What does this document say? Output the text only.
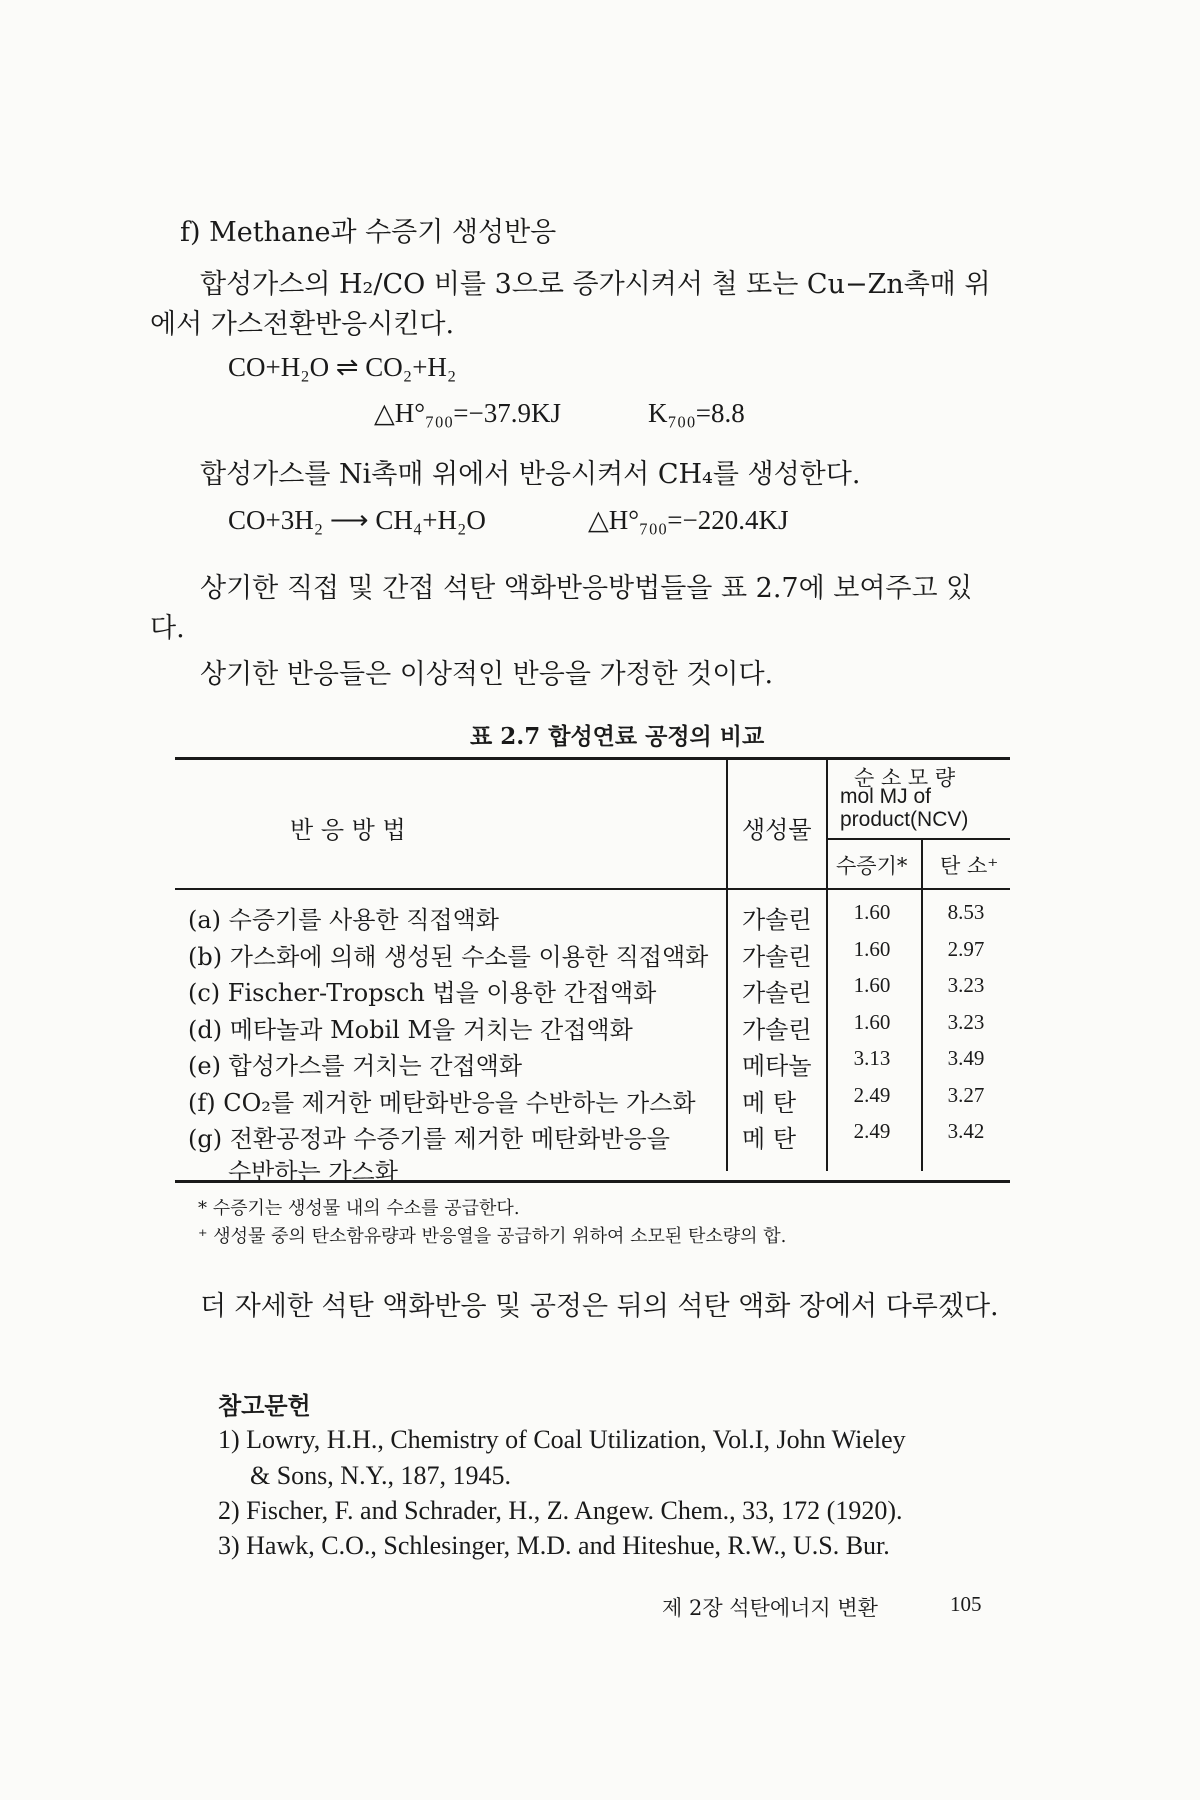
f) Methane과 수증기 생성반응
합성가스의 H₂/CO 비를 3으로 증가시켜서 철 또는 Cu−Zn촉매 위
에서 가스전환반응시킨다.
CO+H₂O ⇌ CO₂+H₂
△H°₇₀₀=−37.9KJ	K₇₀₀=8.8
합성가스를 Ni촉매 위에서 반응시켜서 CH₄를 생성한다.
CO+3H₂ ⟶ CH₄+H₂O	△H°₇₀₀=−220.4KJ
상기한 직접 및 간접 석탄 액화반응방법들을 표 2.7에 보여주고 있
다.
상기한 반응들은 이상적인 반응을 가정한 것이다.
표 2.7 합성연료 공정의 비교
반 응 방 법	생성물
순 소 모 량
mol MJ of
product(NCV)
수증기* 탄 소⁺
(a) 수증기를 사용한 직접액화	가솔린	1.60	8.53
(b) 가스화에 의해 생성된 수소를 이용한 직접액화 가솔린	1.60	2.97
(c) Fischer-Tropsch 법을 이용한 간접액화	가솔린	1.60	3.23
(d) 메타놀과 Mobil M을 거치는 간접액화	가솔린	1.60	3.23
(e) 합성가스를 거치는 간접액화	메타놀	3.13	3.49
(f) CO₂를 제거한 메탄화반응을 수반하는 가스화 메 탄	2.49	3.27
(g) 전환공정과 수증기를 제거한 메탄화반응을	메 탄	2.49	3.42
수반하는 가스화
* 수증기는 생성물 내의 수소를 공급한다.
⁺ 생성물 중의 탄소함유량과 반응열을 공급하기 위하여 소모된 탄소량의 합.
더 자세한 석탄 액화반응 및 공정은 뒤의 석탄 액화 장에서 다루겠다.
참고문헌
1) Lowry, H.H., Chemistry of Coal Utilization, Vol.I, John Wieley
& Sons, N.Y., 187, 1945.
2) Fischer, F. and Schrader, H., Z. Angew. Chem., 33, 172 (1920).
3) Hawk, C.O., Schlesinger, M.D. and Hiteshue, R.W., U.S. Bur.
제 2장 석탄에너지 변환	105
